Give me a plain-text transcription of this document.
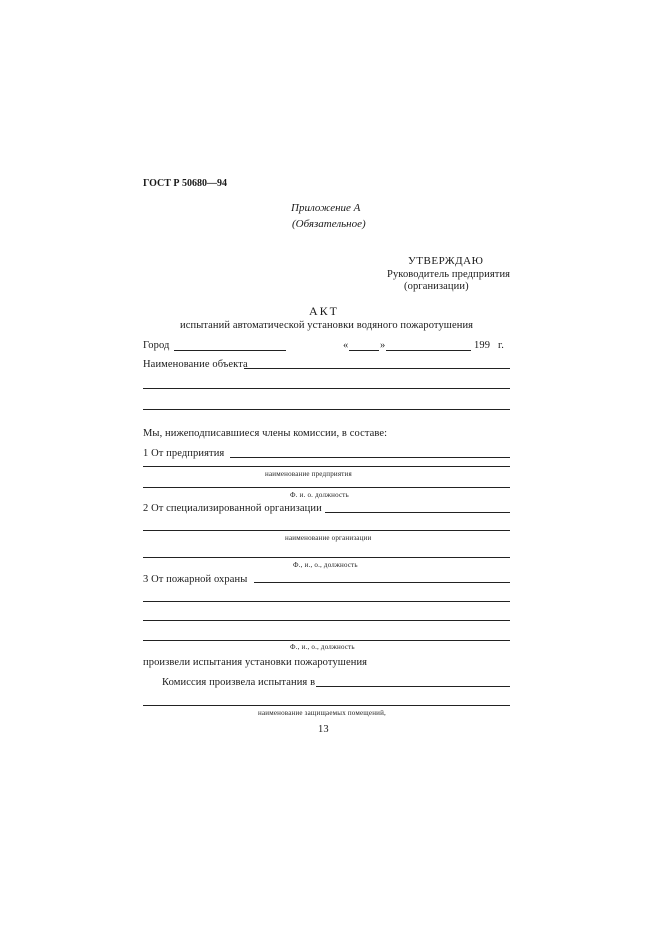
ГОСТ Р 50680—94
Приложение А
(Обязательное)
УТВЕРЖДАЮ
Руководитель предприятия
(организации)
АКТ
испытаний автоматической установки водяного пожаротушения
Город	«	»	199 г.
Наименование объекта
Мы, нижеподписавшиеся члены комиссии, в составе:
1 От предприятия
наименование предприятия
Ф. и. о. должность
2 От специализированной организации
наименование организации
Ф., и., о., должность
3 От пожарной охраны
Ф., и., о., должность
произвели испытания установки пожаротушения
Комиссия произвела испытания в
наименование защищаемых помещений,
13
